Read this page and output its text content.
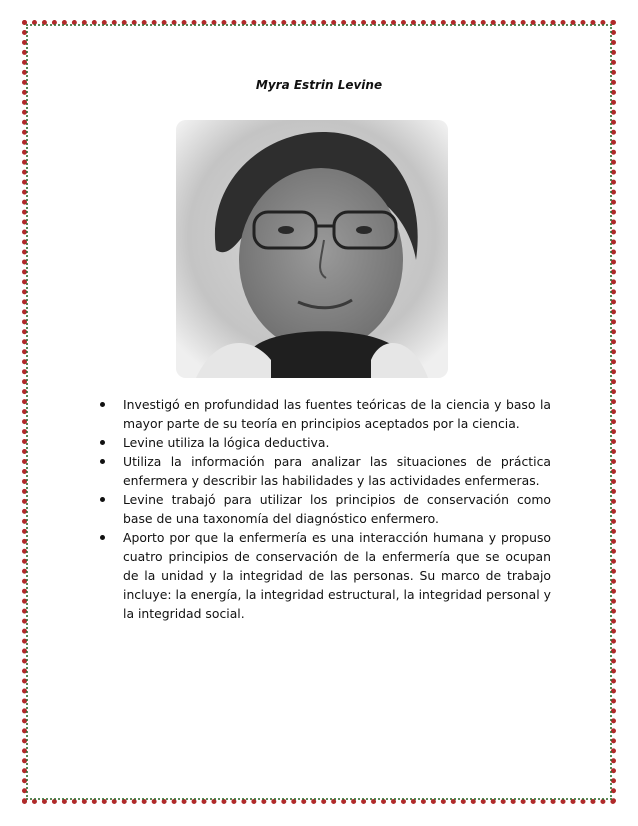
Myra Estrin Levine
Investigó en profundidad las fuentes teóricas de la ciencia y baso la mayor parte de su teoría en principios aceptados por la ciencia.
Levine utiliza la lógica deductiva.
Utiliza la información para analizar las situaciones de práctica enfermera y describir las habilidades y las actividades enfermeras.
Levine trabajó para utilizar los principios de conservación como base de una taxonomía del diagnóstico enfermero.
Aporto por que la enfermería es una interacción humana y propuso cuatro principios de conservación de la enfermería que se ocupan de la unidad y la integridad de las personas. Su marco de trabajo incluye: la energía, la integridad estructural, la integridad personal y la integridad social.
